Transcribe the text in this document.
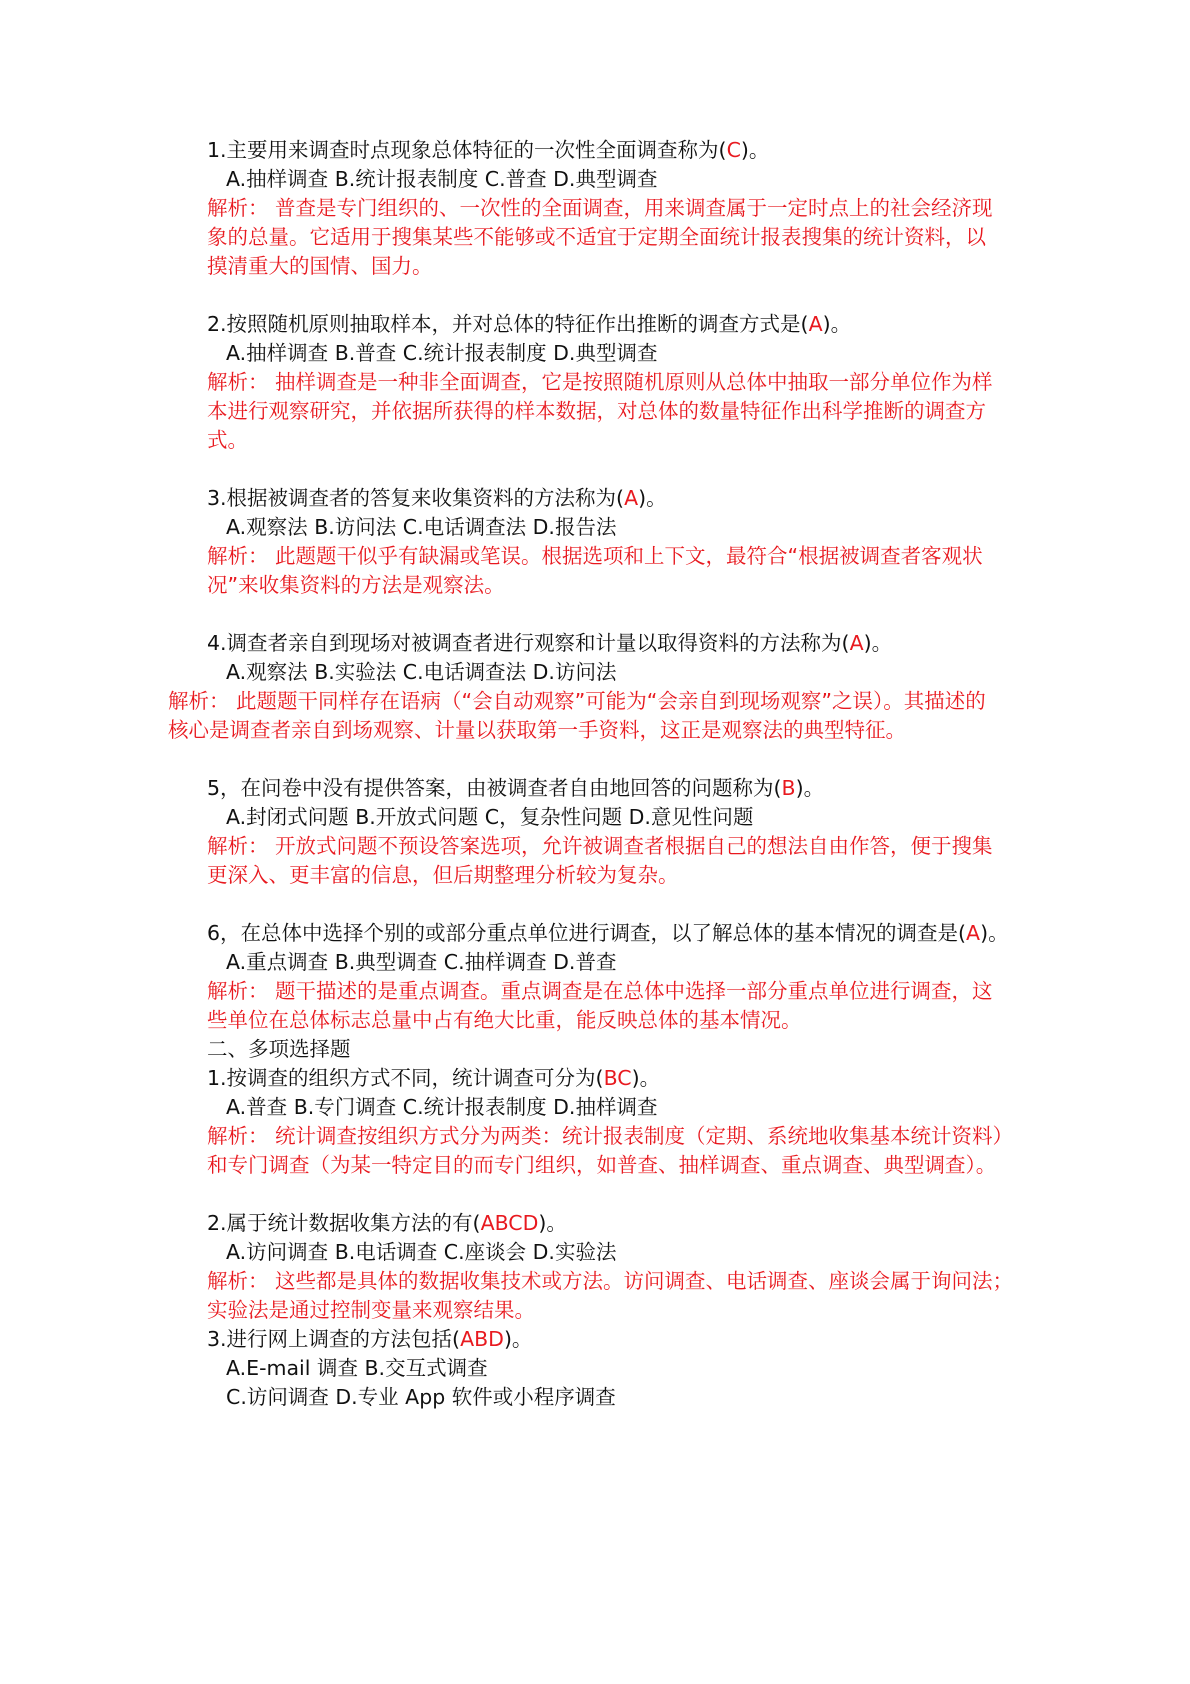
1.主要用来调查时点现象总体特征的一次性全面调查称为(C)。
A.抽样调查 B.统计报表制度 C.普查 D.典型调查
解析： 普查是专门组织的、一次性的全面调查，用来调查属于一定时点上的社会经济现
象的总量。它适用于搜集某些不能够或不适宜于定期全面统计报表搜集的统计资料，以
摸清重大的国情、国力。
2.按照随机原则抽取样本，并对总体的特征作出推断的调查方式是(A)。
A.抽样调查 B.普查 C.统计报表制度 D.典型调查
解析： 抽样调查是一种非全面调查，它是按照随机原则从总体中抽取一部分单位作为样
本进行观察研究，并依据所获得的样本数据，对总体的数量特征作出科学推断的调查方
式。
3.根据被调查者的答复来收集资料的方法称为(A)。
A.观察法 B.访问法 C.电话调查法 D.报告法
解析： 此题题干似乎有缺漏或笔误。根据选项和上下文，最符合“根据被调查者客观状
况”来收集资料的方法是观察法。
4.调查者亲自到现场对被调查者进行观察和计量以取得资料的方法称为(A)。
A.观察法 B.实验法 C.电话调查法 D.访问法
解析： 此题题干同样存在语病（“会自动观察”可能为“会亲自到现场观察”之误）。其描述的
核心是调查者亲自到场观察、计量以获取第一手资料，这正是观察法的典型特征。
5，在问卷中没有提供答案，由被调查者自由地回答的问题称为(B)。
A.封闭式问题 B.开放式问题 C，复杂性问题 D.意见性问题
解析： 开放式问题不预设答案选项，允许被调查者根据自己的想法自由作答，便于搜集
更深入、更丰富的信息，但后期整理分析较为复杂。
6，在总体中选择个别的或部分重点单位进行调查，以了解总体的基本情况的调查是(A)。
A.重点调查 B.典型调查 C.抽样调查 D.普查
解析： 题干描述的是重点调查。重点调查是在总体中选择一部分重点单位进行调查，这
些单位在总体标志总量中占有绝大比重，能反映总体的基本情况。
二、多项选择题
1.按调查的组织方式不同，统计调查可分为(BC)。
A.普查 B.专门调查 C.统计报表制度 D.抽样调查
解析： 统计调查按组织方式分为两类：统计报表制度（定期、系统地收集基本统计资料）
和专门调查（为某一特定目的而专门组织，如普查、抽样调查、重点调查、典型调查）。
2.属于统计数据收集方法的有(ABCD)。
A.访问调查 B.电话调查 C.座谈会 D.实验法
解析： 这些都是具体的数据收集技术或方法。访问调查、电话调查、座谈会属于询问法；
实验法是通过控制变量来观察结果。
3.进行网上调查的方法包括(ABD)。
A.E-mail 调查 B.交互式调查
C.访问调查 D.专业 App 软件或小程序调查
